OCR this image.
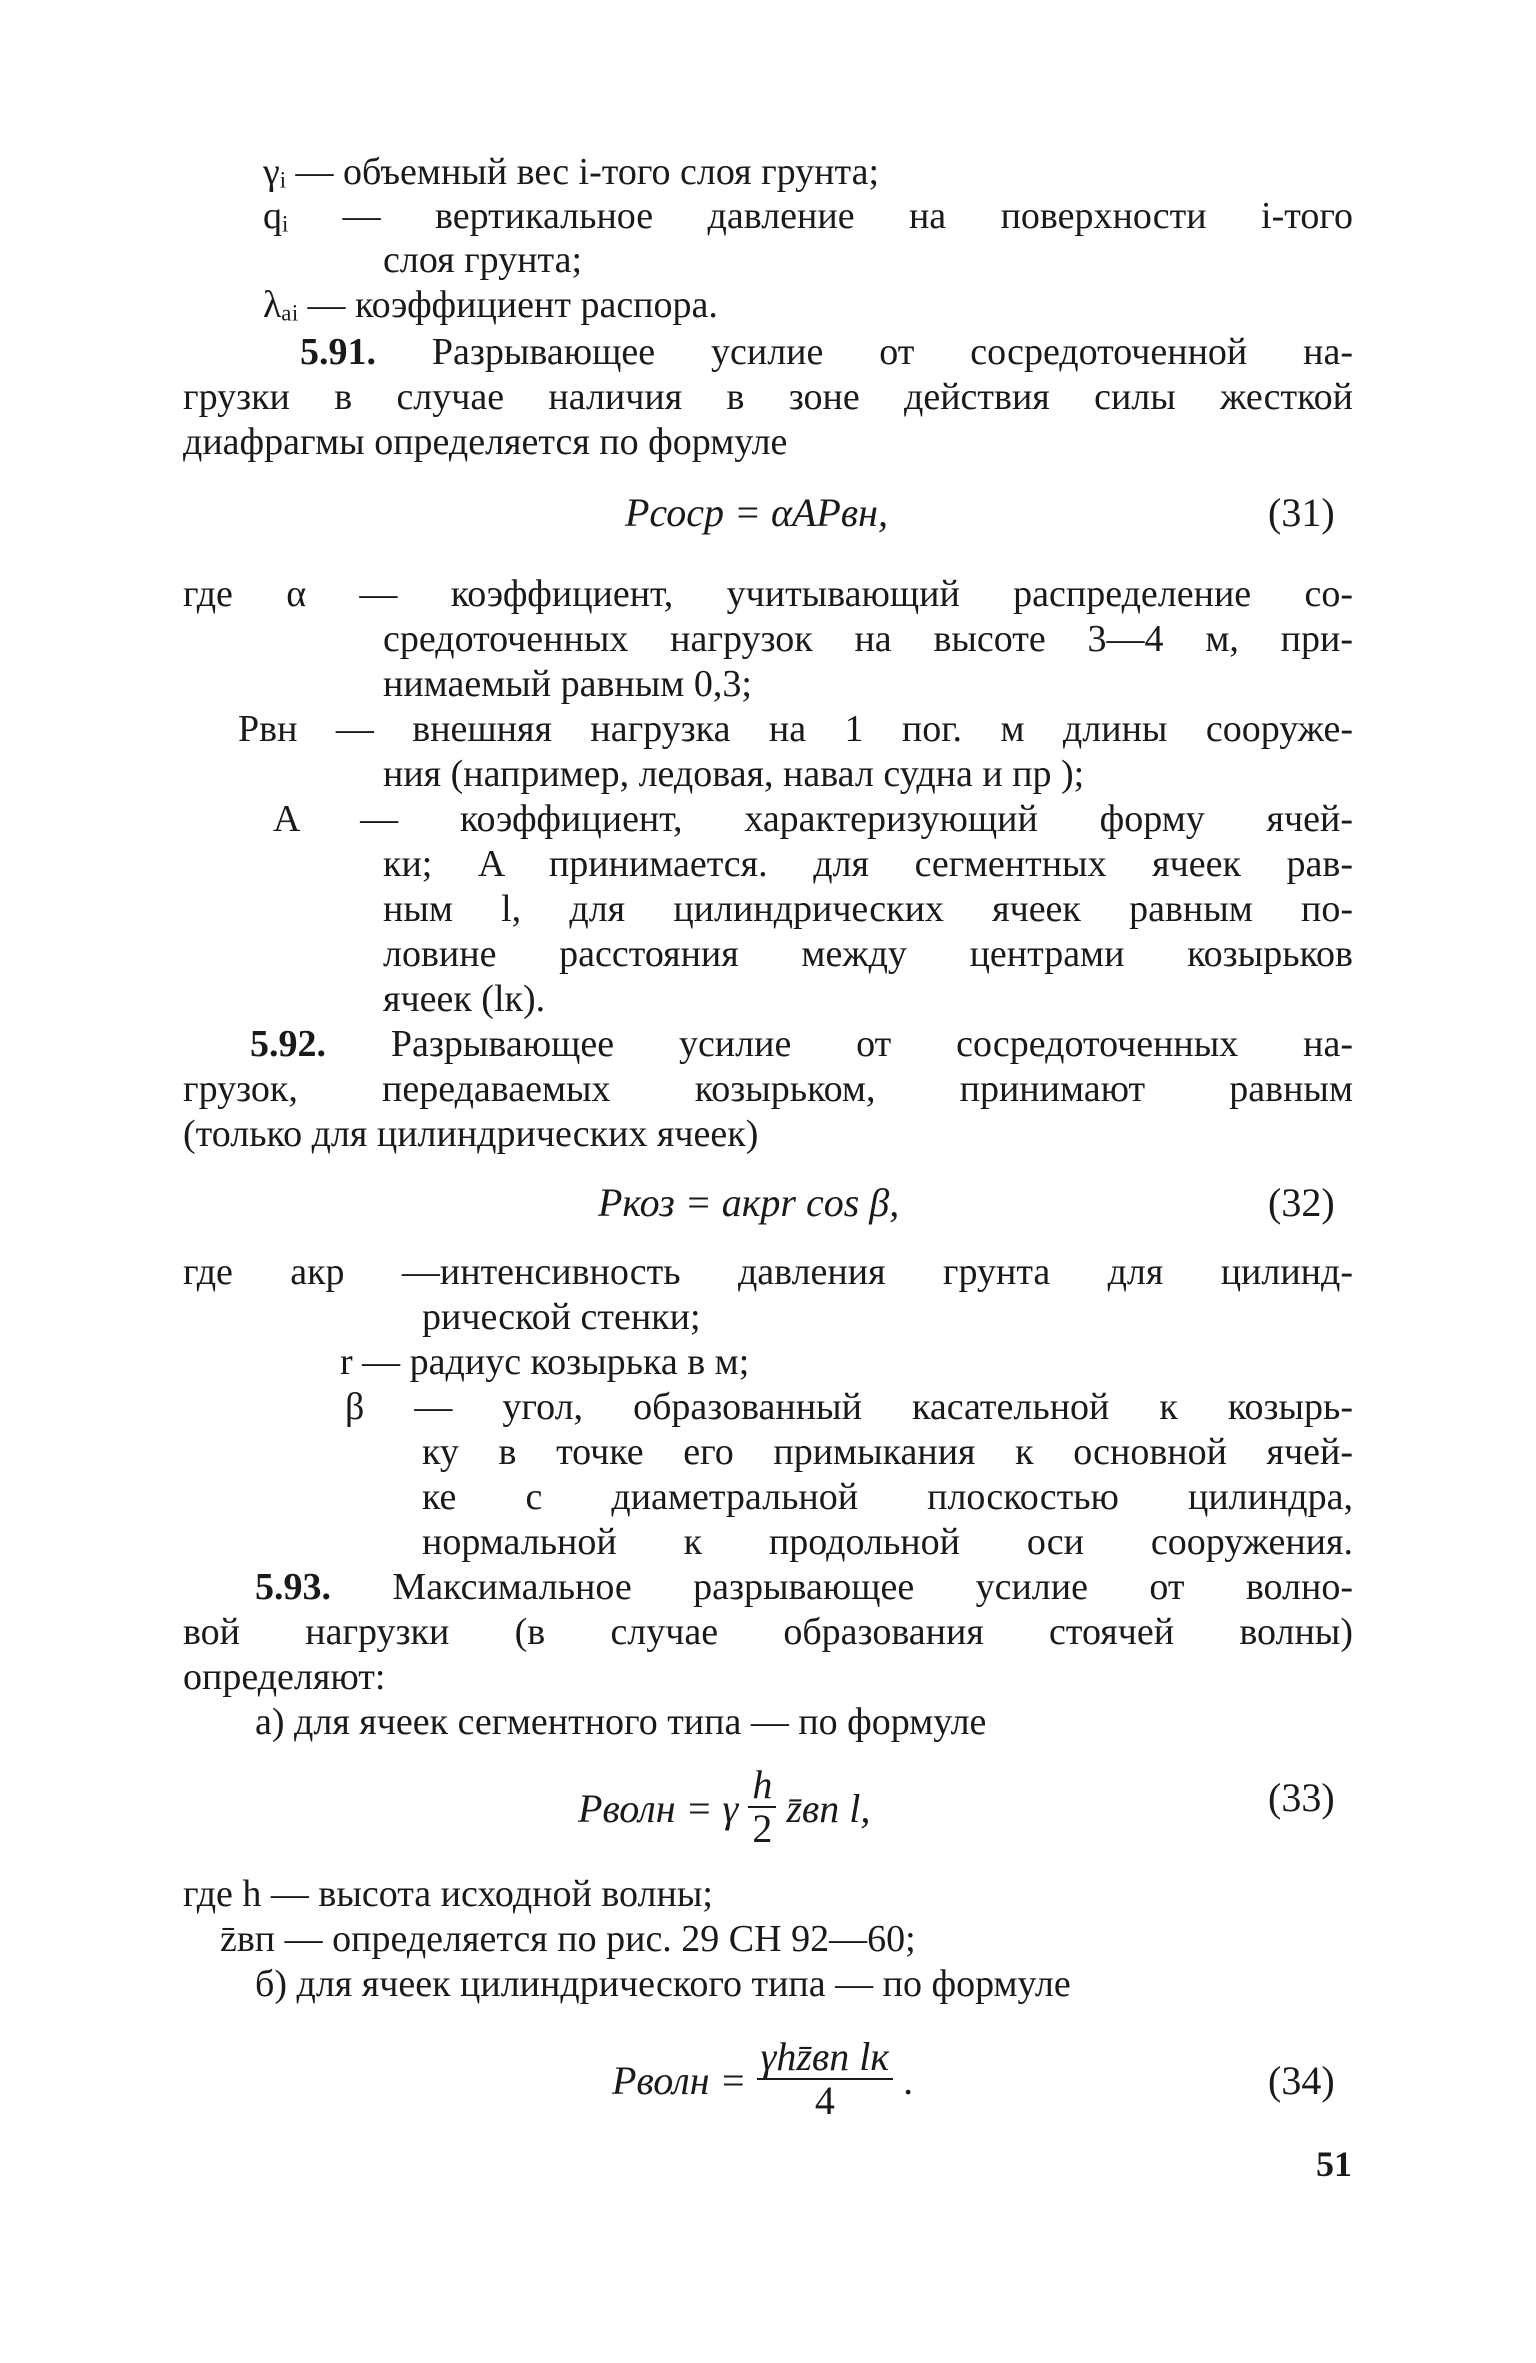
γᵢ — объемный вес i-того слоя грунта;
qᵢ — вертикальное давление на поверхности i-того
слоя грунта;
λₐᵢ — коэффициент распора.
5.91. Разрывающее усилие от сосредоточенной на-
грузки в случае наличия в зоне действия силы жесткой
диафрагмы определяется по формуле
Pсоср = αAPвн,	(31)
где α — коэффициент, учитывающий распределение со-
средоточенных нагрузок на высоте 3—4 м, при-
нимаемый равным 0,3;
Pвн — внешняя нагрузка на 1 пог. м длины сооруже-
ния (например, ледовая, навал судна и пр );
A — коэффициент, характеризующий форму ячей-
ки; A принимается. для сегментных ячеек рав-
ным l, для цилиндрических ячеек равным по-
ловине расстояния между центрами козырьков
ячеек (lк).
5.92. Разрывающее усилие от сосредоточенных на-
грузок, передаваемых козырьком, принимают равным
(только для цилиндрических ячеек)
Pкоз = aкрr cos β,	(32)
где aкр —интенсивность давления грунта для цилинд-
рической стенки;
r — радиус козырька в м;
β — угол, образованный касательной к козырь-
ку в точке его примыкания к основной ячей-
ке с диаметральной плоскостью цилиндра,
нормальной к продольной оси сооружения.
5.93. Максимальное разрывающее усилие от волно-
вой нагрузки (в случае образования стоячей волны)
определяют:
а) для ячеек сегментного типа — по формуле
Pволн = γ $\frac{h}{2}$ z̄вп l,	(33)
где h — высота исходной волны;
z̄вп — определяется по рис. 29 СН 92—60;
б) для ячеек цилиндрического типа — по формуле
Pволн = $\frac{\text{γhz̄вп lк}}{4}$ .	(34)
51
